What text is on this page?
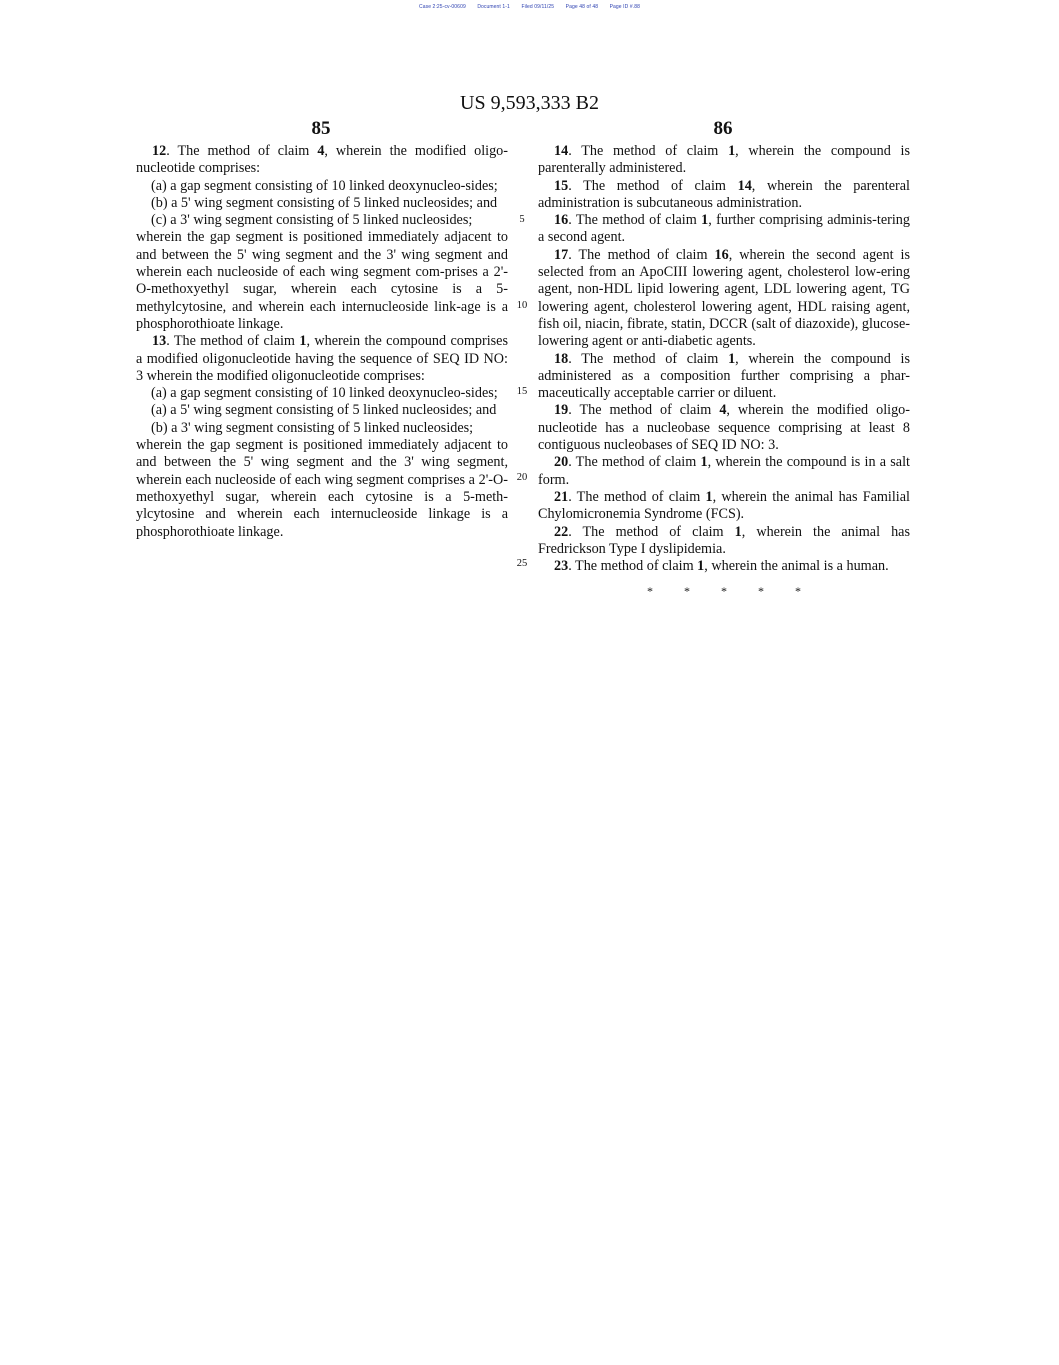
Case 2:25-cv-00609 Document 1-1 Filed 09/11/25 Page 48 of 48 Page ID #.88
US 9,593,333 B2
85	86
5
10
15
20
25

12. The method of claim 4, wherein the modified oligo-nucleotide comprises:

(a) a gap segment consisting of 10 linked deoxynucleo-sides;

(b) a 5' wing segment consisting of 5 linked nucleosides; and

(c) a 3' wing segment consisting of 5 linked nucleosides;

wherein the gap segment is positioned immediately adjacent to and between the 5' wing segment and the 3' wing segment and wherein each nucleoside of each wing segment com-prises a 2'-O-methoxyethyl sugar, wherein each cytosine is a 5-methylcytosine, and wherein each internucleoside link-age is a phosphorothioate linkage.

13. The method of claim 1, wherein the compound comprises a modified oligonucleotide having the sequence of SEQ ID NO: 3 wherein the modified oligonucleotide comprises:

(a) a gap segment consisting of 10 linked deoxynucleo-sides;

(a) a 5' wing segment consisting of 5 linked nucleosides; and

(b) a 3' wing segment consisting of 5 linked nucleosides;

wherein the gap segment is positioned immediately adjacent to and between the 5' wing segment and the 3' wing segment, wherein each nucleoside of each wing segment comprises a 2'-O-methoxyethyl sugar, wherein each cytosine is a 5-meth-ylcytosine and wherein each internucleoside linkage is a phosphorothioate linkage.

14. The method of claim 1, wherein the compound is parenterally administered.

15. The method of claim 14, wherein the parenteral administration is subcutaneous administration.

16. The method of claim 1, further comprising adminis-tering a second agent.

17. The method of claim 16, wherein the second agent is selected from an ApoCIII lowering agent, cholesterol low-ering agent, non-HDL lipid lowering agent, LDL lowering agent, TG lowering agent, cholesterol lowering agent, HDL raising agent, fish oil, niacin, fibrate, statin, DCCR (salt of diazoxide), glucose-lowering agent or anti-diabetic agents.

18. The method of claim 1, wherein the compound is administered as a composition further comprising a phar-maceutically acceptable carrier or diluent.

19. The method of claim 4, wherein the modified oligo-nucleotide has a nucleobase sequence comprising at least 8 contiguous nucleobases of SEQ ID NO: 3.

20. The method of claim 1, wherein the compound is in a salt form.

21. The method of claim 1, wherein the animal has Familial Chylomicronemia Syndrome (FCS).

22. The method of claim 1, wherein the animal has Fredrickson Type I dyslipidemia.

23. The method of claim 1, wherein the animal is a human.

* * * * *
